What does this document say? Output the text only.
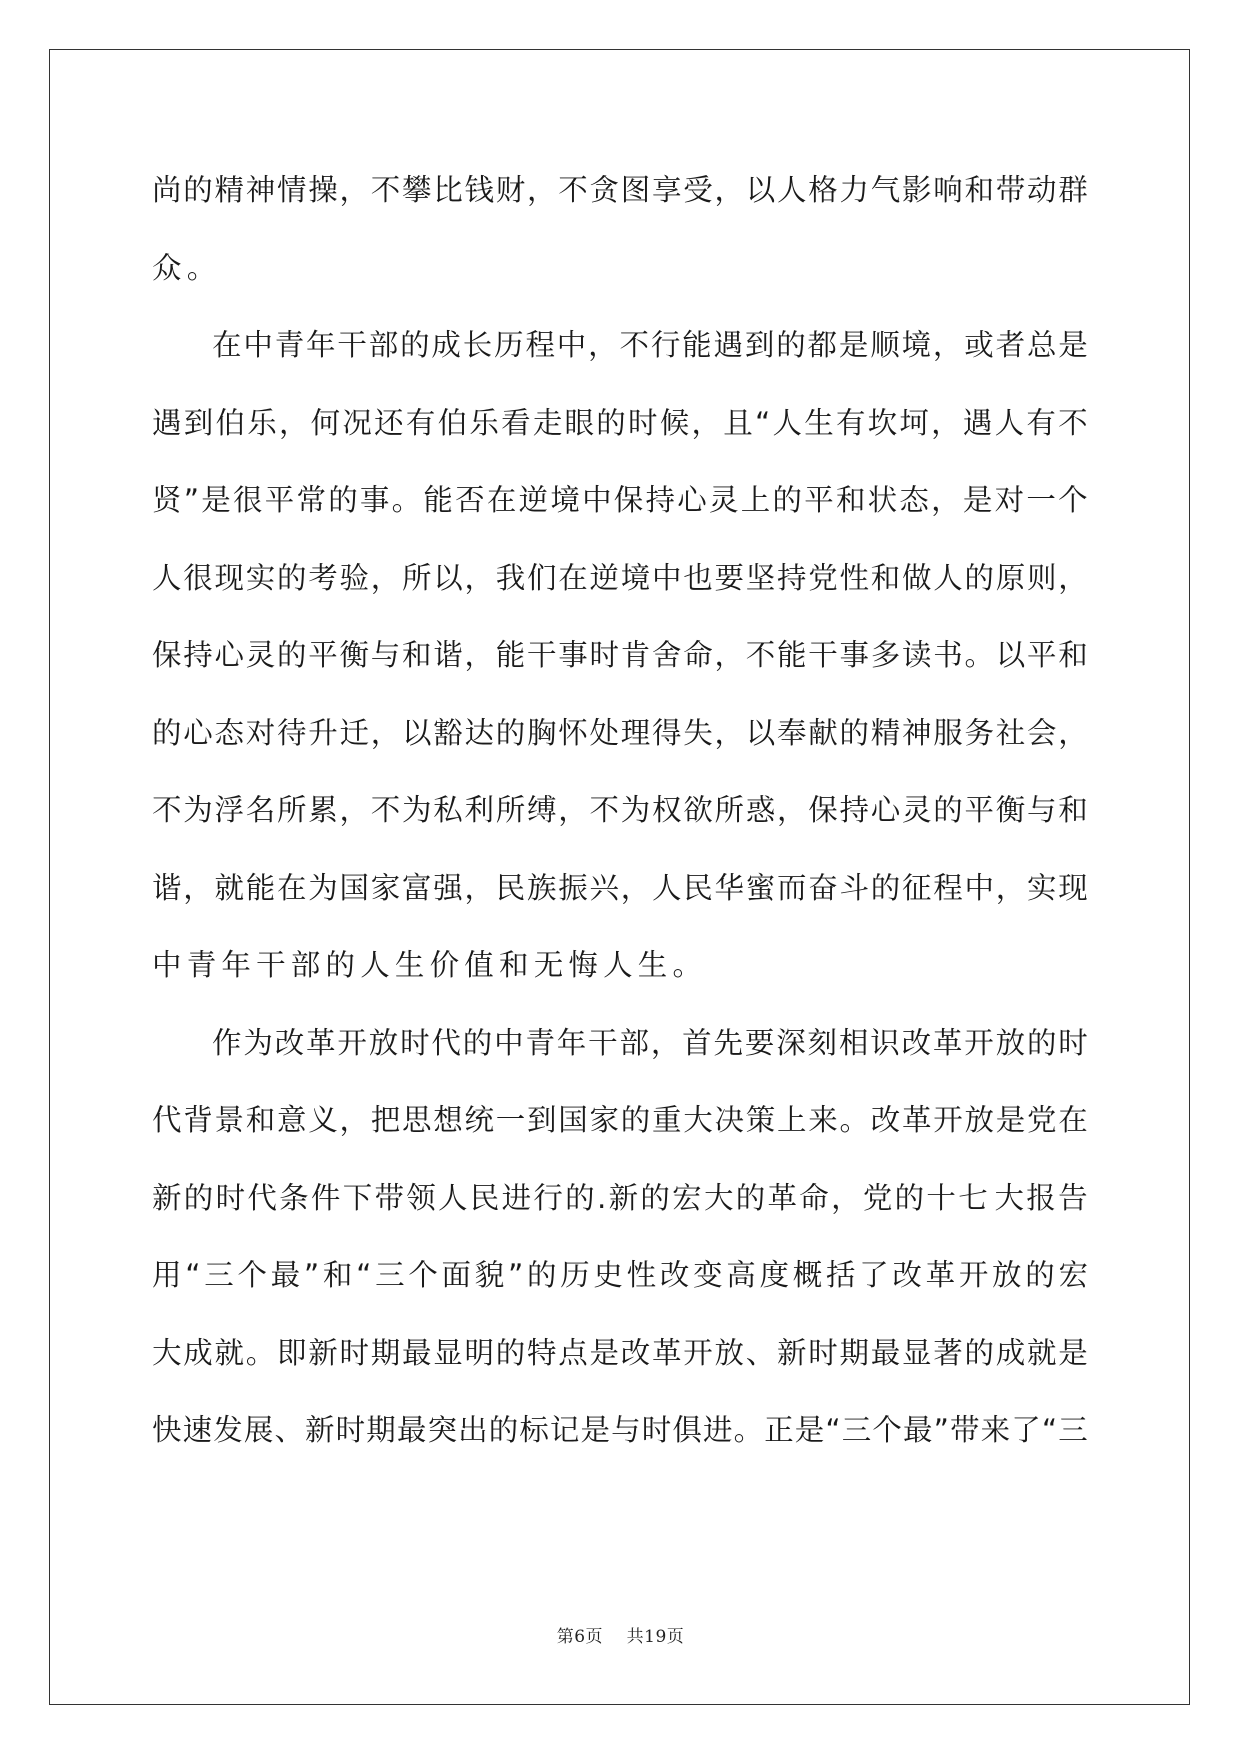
尚 的 精 神 情 操 ， 不 攀 比 钱 财 ， 不 贪 图 享 受 ， 以 人 格 力 气 影 响 和 带 动 群
众。
在 中 青 年 干 部 的 成 长 历 程 中 ， 不 行 能 遇 到 的 都 是 顺 境 ， 或 者 总 是
遇 到 伯 乐 ， 何 况 还 有 伯 乐 看 走 眼 的 时 候 ， 且 “ 人 生 有 坎 坷 ， 遇 人 有 不
贤 ” 是 很 平 常 的 事 。 能 否 在 逆 境 中 保 持 心 灵 上 的 平 和 状 态 ， 是 对 一 个
人 很 现 实 的 考 验 ， 所 以 ， 我 们 在 逆 境 中 也 要 坚 持 党 性 和 做 人 的 原 则 ，
保 持 心 灵 的 平 衡 与 和 谐 ， 能 干 事 时 肯 舍 命 ， 不 能 干 事 多 读 书 。 以 平 和
的 心 态 对 待 升 迁 ， 以 豁 达 的 胸 怀 处 理 得 失 ， 以 奉 献 的 精 神 服 务 社 会 ，
不 为 浮 名 所 累 ， 不 为 私 利 所 缚 ， 不 为 权 欲 所 惑 ， 保 持 心 灵 的 平 衡 与 和
谐 ， 就 能 在 为 国 家 富 强 ， 民 族 振 兴 ， 人 民 华 蜜 而 奋 斗 的 征 程 中 ， 实 现
中青年干部的人生价值和无悔人生。
作 为 改 革 开 放 时 代 的 中 青 年 干 部 ， 首 先 要 深 刻 相 识 改 革 开 放 的 时
代 背 景 和 意 义 ， 把 思 想 统 一 到 国 家 的 重 大 决 策 上 来 。 改 革 开 放 是 党 在
新 的 时 代 条 件 下 带 领 人 民 进 行 的 . 新 的 宏 大 的 革 命 ， 党 的 十 七 大 报 告
用 “ 三 个 最 ” 和 “ 三 个 面 貌 ” 的 历 史 性 改 变 高 度 概 括 了 改 革 开 放 的 宏
大 成 就 。 即 新 时 期 最 显 明 的 特 点 是 改 革 开 放 、 新 时 期 最 显 著 的 成 就 是
快 速 发 展 、 新 时 期 最 突 出 的 标 记 是 与 时 俱 进 。 正 是 “ 三 个 最 ” 带 来 了 “ 三
第6页 共19页
